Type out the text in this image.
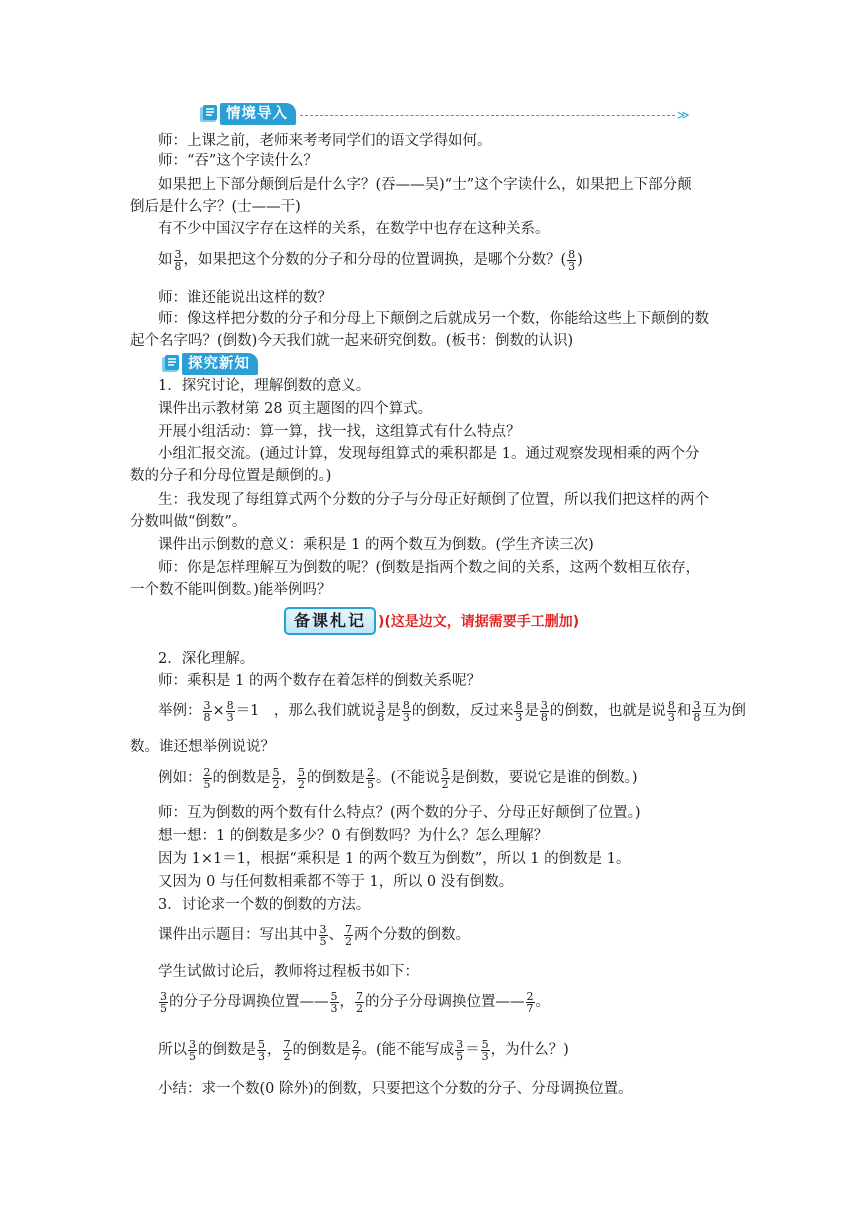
情境导入	≫
师：上课之前，老师来考考同学们的语文学得如何。
师：“吞”这个字读什么？
如果把上下部分颠倒后是什么字？(吞——吴)“士”这个字读什么，如果把上下部分颠
倒后是什么字？(士——干)
有不少中国汉字存在这样的关系，在数学中也存在这种关系。
如 $\frac{3}{8}$ ，如果把这个分数的分子和分母的位置调换，是哪个分数？( $\frac{8}{3}$ )
师：谁还能说出这样的数？
师：像这样把分数的分子和分母上下颠倒之后就成另一个数，你能给这些上下颠倒的数
起个名字吗？(倒数)今天我们就一起来研究倒数。(板书：倒数的认识)
探究新知
1．探究讨论，理解倒数的意义。
课件出示教材第 28 页主题图的四个算式。
开展小组活动：算一算，找一找，这组算式有什么特点？
小组汇报交流。(通过计算，发现每组算式的乘积都是 1。通过观察发现相乘的两个分
数的分子和分母位置是颠倒的。)
生：我发现了每组算式两个分数的分子与分母正好颠倒了位置，所以我们把这样的两个
分数叫做“倒数”。
课件出示倒数的意义：乘积是 1 的两个数互为倒数。(学生齐读三次)
师：你是怎样理解互为倒数的呢？(倒数是指两个数之间的关系，这两个数相互依存，
一个数不能叫倒数。)能举例吗？
备课札记 )(这是边文，请据需要手工删加)
2．深化理解。
师：乘积是 1 的两个数存在着怎样的倒数关系呢？
举例： $\frac{3}{8} \times \frac{8}{3} =1$　，那么我们就说 $\frac{3}{8}$ 是 $\frac{8}{3}$ 的倒数，反过来 $\frac{8}{3}$ 是 $\frac{3}{8}$ 的倒数，也就是说 $\frac{8}{3}$ 和 $\frac{3}{8}$ 互为倒
数。谁还想举例说说？
例如： $\frac{2}{5}$ 的倒数是 $\frac{5}{2}$ ， $\frac{5}{2}$ 的倒数是 $\frac{2}{5}$ 。(不能说 $\frac{5}{2}$ 是倒数，要说它是谁的倒数。)
师：互为倒数的两个数有什么特点？(两个数的分子、分母正好颠倒了位置。)
想一想：1 的倒数是多少？0 有倒数吗？为什么？怎么理解？
因为 1×1＝1，根据“乘积是 1 的两个数互为倒数”，所以 1 的倒数是 1。
又因为 0 与任何数相乘都不等于 1，所以 0 没有倒数。
3．讨论求一个数的倒数的方法。
课件出示题目：写出其中 $\frac{3}{5}$ 、 $\frac{7}{2}$ 两个分数的倒数。
学生试做讨论后，教师将过程板书如下：
$\frac{3}{5}$ 的分子分母调换位置—— $\frac{5}{3}$ ， $\frac{7}{2}$ 的分子分母调换位置—— $\frac{2}{7}$ 。
所以 $\frac{3}{5}$ 的倒数是 $\frac{5}{3}$ ， $\frac{7}{2}$ 的倒数是 $\frac{2}{7}$ 。(能不能写成 $\frac{3}{5} = \frac{5}{3}$ ，为什么？)
小结：求一个数(0 除外)的倒数，只要把这个分数的分子、分母调换位置。
